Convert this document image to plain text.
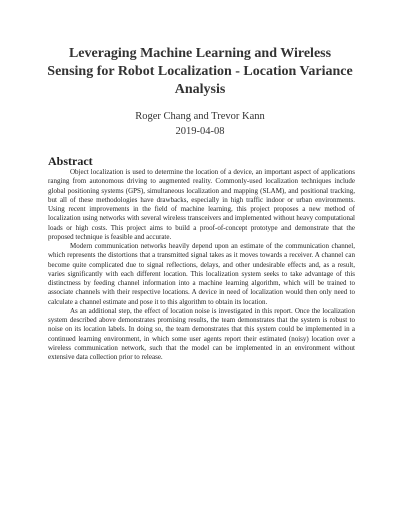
Leveraging Machine Learning and Wireless Sensing for Robot Localization - Location Variance Analysis
Roger Chang and Trevor Kann
2019-04-08
Abstract

Object localization is used to determine the location of a device, an important aspect of applications ranging from autonomous driving to augmented reality. Commonly-used localization techniques include global positioning systems (GPS), simultaneous localization and mapping (SLAM), and positional tracking, but all of these methodologies have drawbacks, especially in high traffic indoor or urban environments. Using recent improvements in the field of machine learning, this project proposes a new method of localization using networks with several wireless transceivers and implemented without heavy computational loads or high costs. This project aims to build a proof-of-concept prototype and demonstrate that the proposed technique is feasible and accurate.

Modern communication networks heavily depend upon an estimate of the communication channel, which represents the distortions that a transmitted signal takes as it moves towards a receiver. A channel can become quite complicated due to signal reflections, delays, and other undesirable effects and, as a result, varies significantly with each different location. This localization system seeks to take advantage of this distinctness by feeding channel information into a machine learning algorithm, which will be trained to associate channels with their respective locations. A device in need of localization would then only need to calculate a channel estimate and pose it to this algorithm to obtain its location.

As an additional step, the effect of location noise is investigated in this report. Once the localization system described above demonstrates promising results, the team demonstrates that the system is robust to noise on its location labels. In doing so, the team demonstrates that this system could be implemented in a continued learning environment, in which some user agents report their estimated (noisy) location over a wireless communication network, such that the model can be implemented in an environment without extensive data collection prior to release.
